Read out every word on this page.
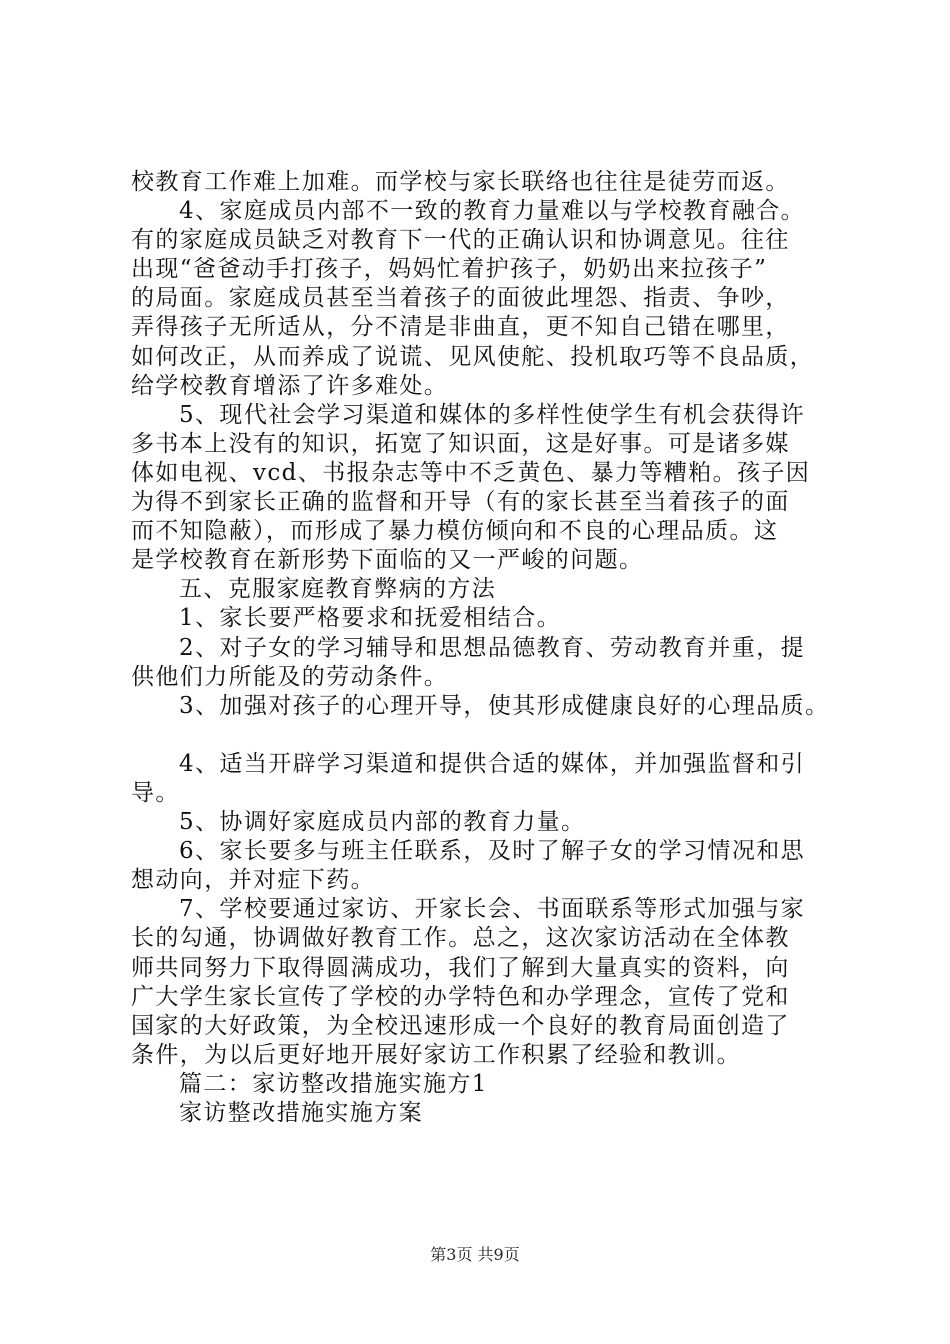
校教育工作难上加难。而学校与家长联络也往往是徒劳而返。
4、家庭成员内部不一致的教育力量难以与学校教育融合。
有的家庭成员缺乏对教育下一代的正确认识和协调意见。往往
出现“爸爸动手打孩子，妈妈忙着护孩子，奶奶出来拉孩子”
的局面。家庭成员甚至当着孩子的面彼此埋怨、指责、争吵，
弄得孩子无所适从，分不清是非曲直，更不知自己错在哪里，
如何改正，从而养成了说谎、见风使舵、投机取巧等不良品质，
给学校教育增添了许多难处。
5、现代社会学习渠道和媒体的多样性使学生有机会获得许
多书本上没有的知识，拓宽了知识面，这是好事。可是诸多媒
体如电视、vcd、书报杂志等中不乏黄色、暴力等糟粕。孩子因
为得不到家长正确的监督和开导（有的家长甚至当着孩子的面
而不知隐蔽），而形成了暴力模仿倾向和不良的心理品质。这
是学校教育在新形势下面临的又一严峻的问题。
五、克服家庭教育弊病的方法
1、家长要严格要求和抚爱相结合。
2、对子女的学习辅导和思想品德教育、劳动教育并重，提
供他们力所能及的劳动条件。
3、加强对孩子的心理开导，使其形成健康良好的心理品质。
4、适当开辟学习渠道和提供合适的媒体，并加强监督和引
导。
5、协调好家庭成员内部的教育力量。
6、家长要多与班主任联系，及时了解子女的学习情况和思
想动向，并对症下药。
7、学校要通过家访、开家长会、书面联系等形式加强与家
长的勾通，协调做好教育工作。总之，这次家访活动在全体教
师共同努力下取得圆满成功，我们了解到大量真实的资料，向
广大学生家长宣传了学校的办学特色和办学理念，宣传了党和
国家的大好政策，为全校迅速形成一个良好的教育局面创造了
条件，为以后更好地开展好家访工作积累了经验和教训。
篇二：家访整改措施实施方1
家访整改措施实施方案
第3页 共9页
